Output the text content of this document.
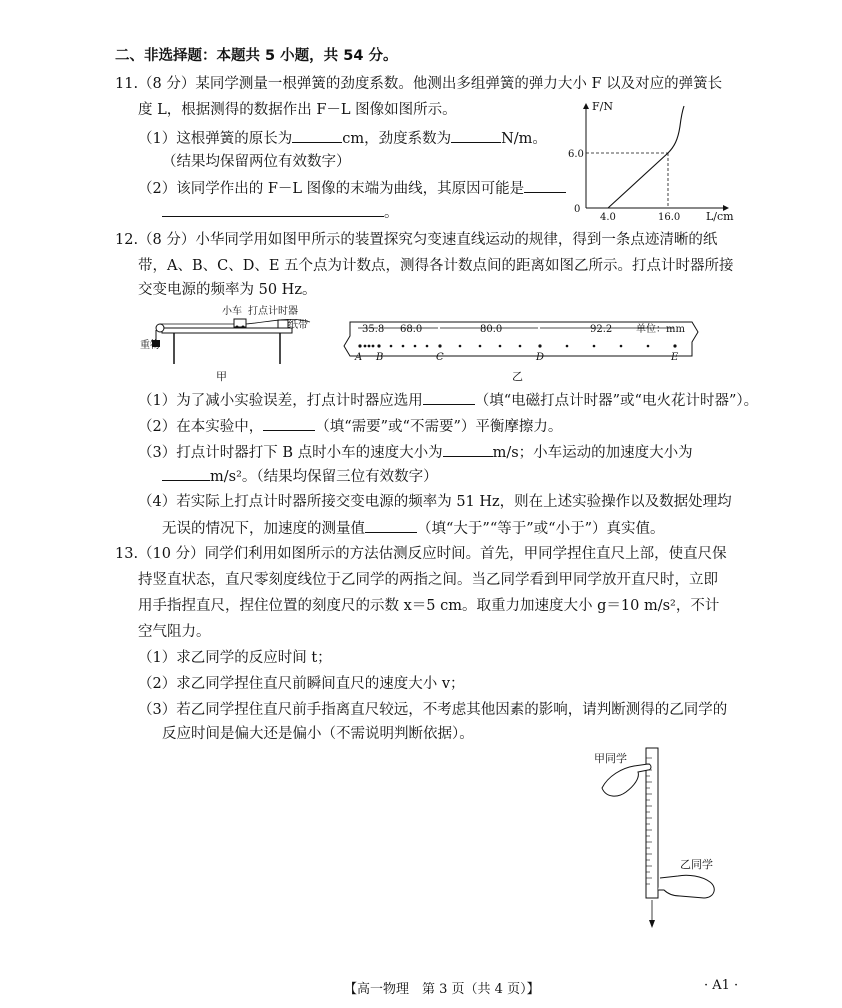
二、非选择题：本题共 5 小题，共 54 分。
11.（8 分）某同学测量一根弹簧的劲度系数。他测出多组弹簧的弹力大小 F 以及对应的弹簧长
度 L，根据测得的数据作出 F－L 图像如图所示。
（1）这根弹簧的原长为	cm，劲度系数为	N/m。
（结果均保留两位有效数字）
（2）该同学作出的 F－L 图像的末端为曲线，其原因可能是
。
F/N
L/cm
0
6.0
4.0	16.0
12.（8 分）小华同学用如图甲所示的装置探究匀变速直线运动的规律，得到一条点迹清晰的纸
带，A、B、C、D、E 五个点为计数点，测得各计数点间的距离如图乙所示。打点计时器所接
交变电源的频率为 50 Hz。
小车 打点计时器
纸带
重物
甲
35.8 68.0	80.0	92.2 单位：mm
A B	C	D	E
乙
（1）为了减小实验误差，打点计时器应选用	（填“电磁打点计时器”或“电火花计时器”）。
（2）在本实验中，	（填“需要”或“不需要”）平衡摩擦力。
（3）打点计时器打下 B 点时小车的速度大小为	m/s；小车运动的加速度大小为
m/s²。（结果均保留三位有效数字）
（4）若实际上打点计时器所接交变电源的频率为 51 Hz，则在上述实验操作以及数据处理均
无误的情况下，加速度的测量值	（填“大于”“等于”或“小于”）真实值。
13.（10 分）同学们利用如图所示的方法估测反应时间。首先，甲同学捏住直尺上部，使直尺保
持竖直状态，直尺零刻度线位于乙同学的两指之间。当乙同学看到甲同学放开直尺时，立即
用手指捏直尺，捏住位置的刻度尺的示数 x＝5 cm。取重力加速度大小 g＝10 m/s²，不计
空气阻力。
（1）求乙同学的反应时间 t；
（2）求乙同学捏住直尺前瞬间直尺的速度大小 v；
（3）若乙同学捏住直尺前手指离直尺较远，不考虑其他因素的影响，请判断测得的乙同学的
反应时间是偏大还是偏小（不需说明判断依据）。
甲同学
乙同学
【高一物理　第 3 页（共 4 页）】	· A1 ·
